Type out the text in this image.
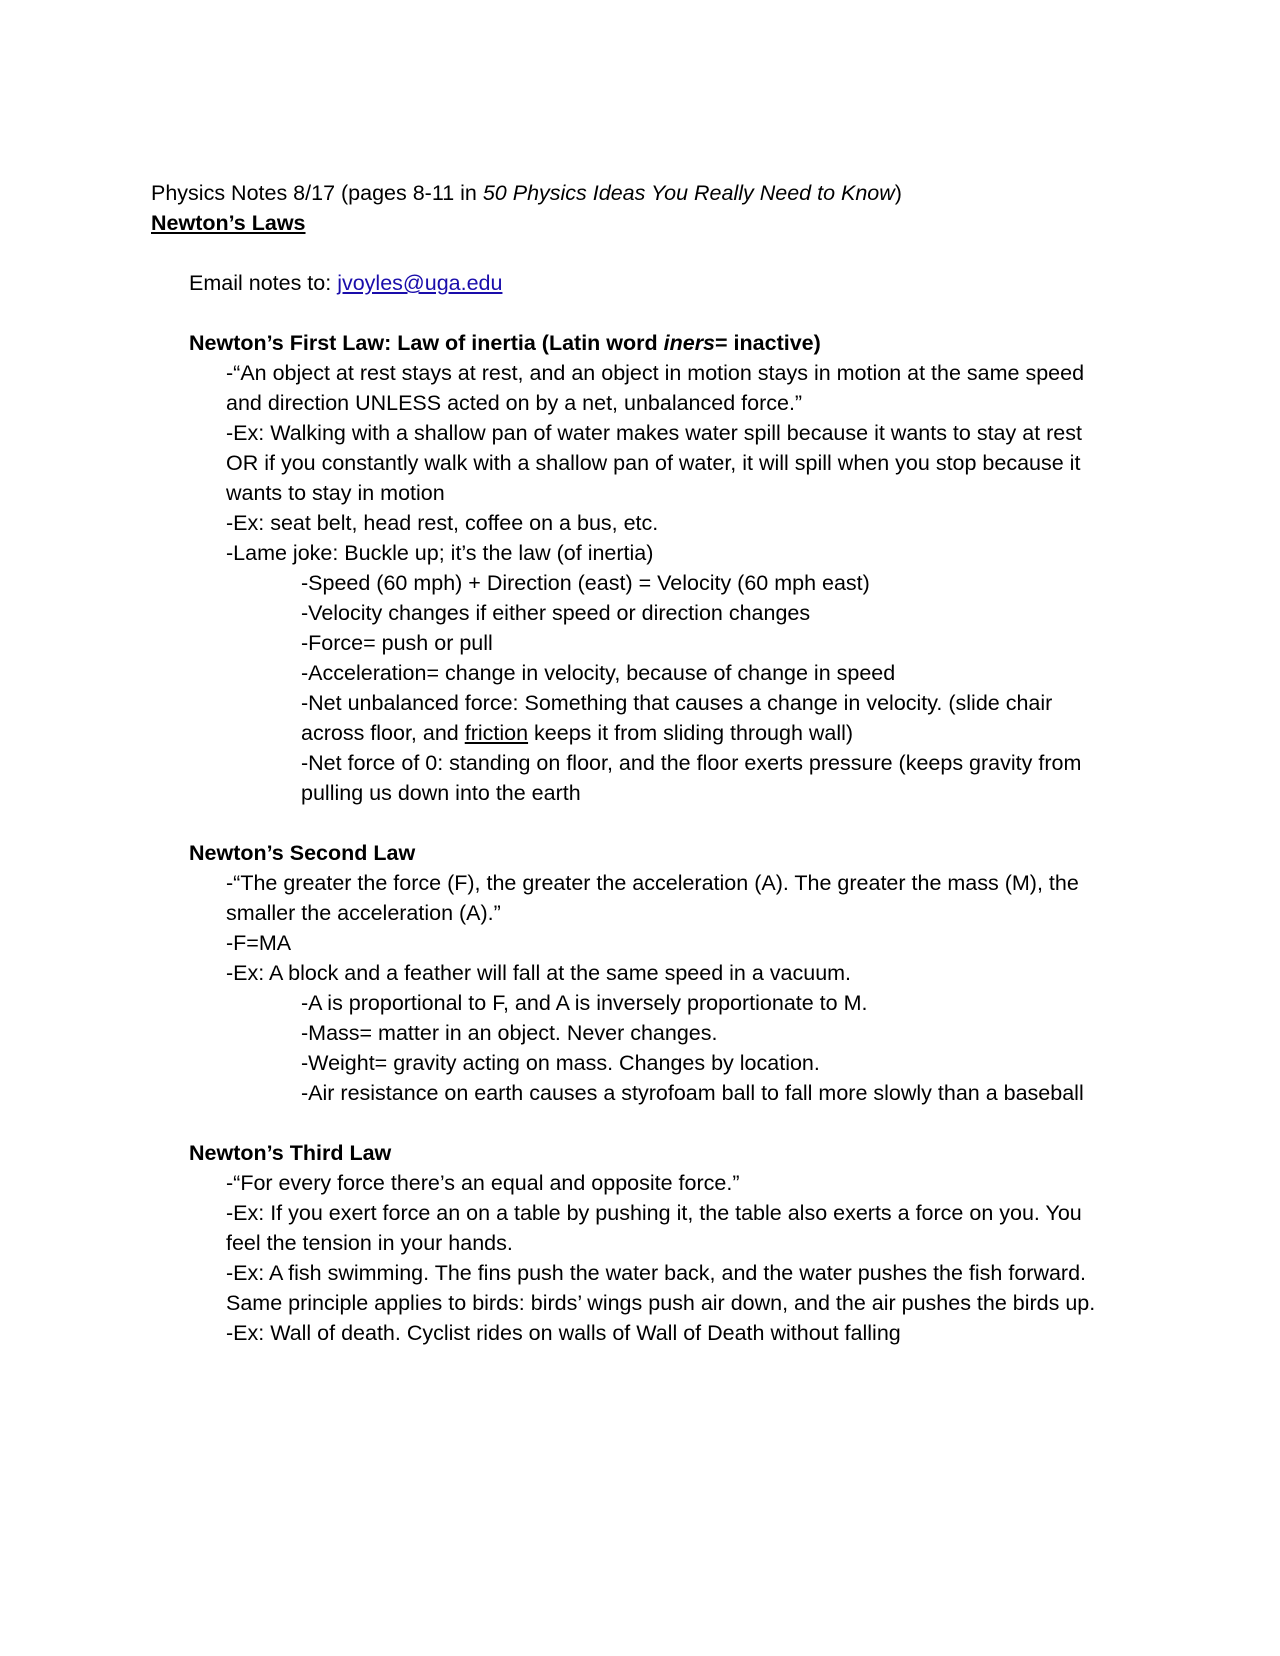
Physics Notes 8/17 (pages 8-11 in 50 Physics Ideas You Really Need to Know)
Newton’s Laws
Email notes to: jvoyles@uga.edu
Newton’s First Law: Law of inertia (Latin word iners= inactive)
-“An object at rest stays at rest, and an object in motion stays in motion at the same speed and direction UNLESS acted on by a net, unbalanced force.”
-Ex: Walking with a shallow pan of water makes water spill because it wants to stay at rest OR if you constantly walk with a shallow pan of water, it will spill when you stop because it wants to stay in motion
-Ex: seat belt, head rest, coffee on a bus, etc.
-Lame joke: Buckle up; it’s the law (of inertia)
-Speed (60 mph) + Direction (east) = Velocity (60 mph east)
-Velocity changes if either speed or direction changes
-Force= push or pull
-Acceleration= change in velocity, because of change in speed
-Net unbalanced force: Something that causes a change in velocity. (slide chair across floor, and friction keeps it from sliding through wall)
-Net force of 0: standing on floor, and the floor exerts pressure (keeps gravity from pulling us down into the earth
Newton’s Second Law
-“The greater the force (F), the greater the acceleration (A). The greater the mass (M), the smaller the acceleration (A).”
-F=MA
-Ex: A block and a feather will fall at the same speed in a vacuum.
-A is proportional to F, and A is inversely proportionate to M.
-Mass= matter in an object. Never changes.
-Weight= gravity acting on mass. Changes by location.
-Air resistance on earth causes a styrofoam ball to fall more slowly than a baseball
Newton’s Third Law
-“For every force there’s an equal and opposite force.”
-Ex: If you exert force an on a table by pushing it, the table also exerts a force on you. You feel the tension in your hands.
-Ex: A fish swimming. The fins push the water back, and the water pushes the fish forward. Same principle applies to birds: birds’ wings push air down, and the air pushes the birds up.
-Ex: Wall of death. Cyclist rides on walls of Wall of Death without falling
